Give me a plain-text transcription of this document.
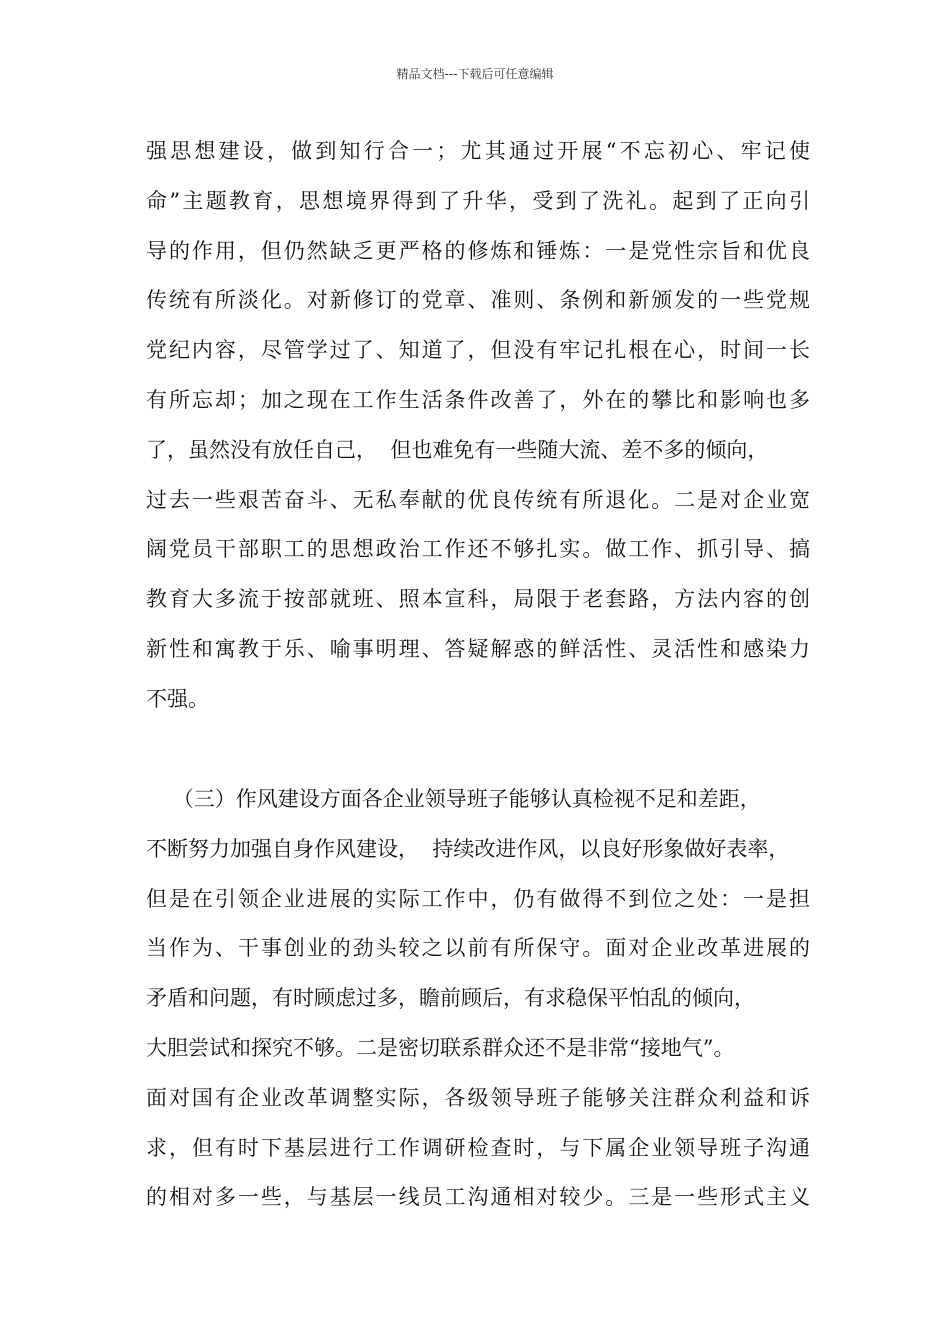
精品文档---下载后可任意编辑
强思想建设，做到知行合一；尤其通过开展“不忘初心、牢记使
命”主题教育，思想境界得到了升华，受到了洗礼。起到了正向引
导的作用，但仍然缺乏更严格的修炼和锤炼：一是党性宗旨和优良
传统有所淡化。对新修订的党章、准则、条例和新颁发的一些党规
党纪内容，尽管学过了、知道了，但没有牢记扎根在心，时间一长
有所忘却；加之现在工作生活条件改善了，外在的攀比和影响也多
了，虽然没有放任自己，  但也难免有一些随大流、差不多的倾向，
过去一些艰苦奋斗、无私奉献的优良传统有所退化。二是对企业宽
阔党员干部职工的思想政治工作还不够扎实。做工作、抓引导、搞
教育大多流于按部就班、照本宣科，局限于老套路，方法内容的创
新性和寓教于乐、喻事明理、答疑解惑的鲜活性、灵活性和感染力
不强。
（三）作风建设方面各企业领导班子能够认真检视不足和差距，
不断努力加强自身作风建设，  持续改进作风，以良好形象做好表率，
但是在引领企业进展的实际工作中，仍有做得不到位之处：一是担
当作为、干事创业的劲头较之以前有所保守。面对企业改革进展的
矛盾和问题，有时顾虑过多，瞻前顾后，有求稳保平怕乱的倾向，
大胆尝试和探究不够。二是密切联系群众还不是非常“接地气”。
面对国有企业改革调整实际，各级领导班子能够关注群众利益和诉
求，但有时下基层进行工作调研检查时，与下属企业领导班子沟通
的相对多一些，与基层一线员工沟通相对较少。三是一些形式主义
